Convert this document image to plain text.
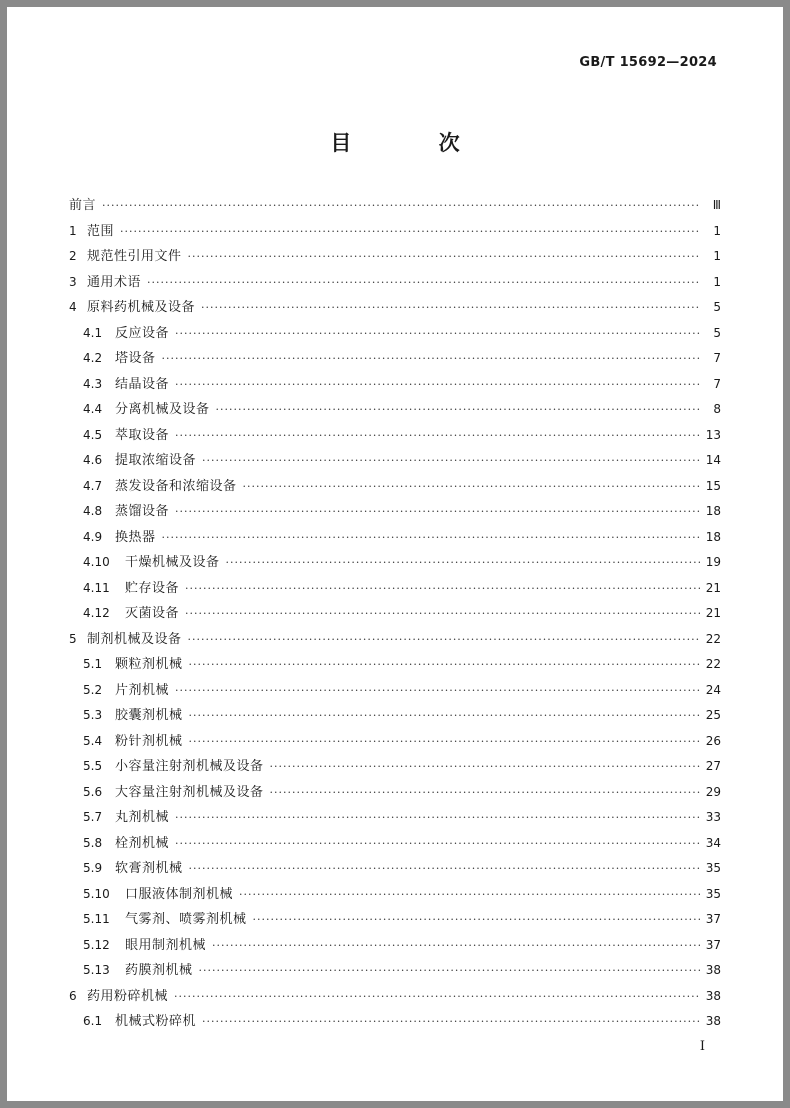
GB/T 15692—2024
目 次
前言 ·····	Ⅲ
1 范围 ·····	1
2 规范性引用文件 ·····	1
3 通用术语 ·····	1
4 原料药机械及设备 ·····	5
4.1 反应设备 ·····	5
4.2 塔设备 ·····	7
4.3 结晶设备 ·····	7
4.4 分离机械及设备 ·····	8
4.5 萃取设备 ·····	13
4.6 提取浓缩设备 ·····	14
4.7 蒸发设备和浓缩设备 ·····	15
4.8 蒸馏设备 ·····	18
4.9 换热器 ·····	18
4.10	干燥机械及设备 ·····	19
4.11	贮存设备 ·····	21
4.12	灭菌设备 ·····	21
5 制剂机械及设备 ·····	22
5.1 颗粒剂机械 ·····	22
5.2 片剂机械 ·····	24
5.3 胶囊剂机械 ·····	25
5.4 粉针剂机械 ·····	26
5.5 小容量注射剂机械及设备 ·····	27
5.6 大容量注射剂机械及设备 ·····	29
5.7 丸剂机械 ·····	33
5.8 栓剂机械 ·····	34
5.9 软膏剂机械 ·····	35
5.10	口服液体制剂机械 ·····	35
5.11	气雾剂、喷雾剂机械 ·····	37
5.12	眼用制剂机械 ·····	37
5.13	药膜剂机械 ·····	38
6 药用粉碎机械 ·····	38
6.1 机械式粉碎机 ·····	38
I
